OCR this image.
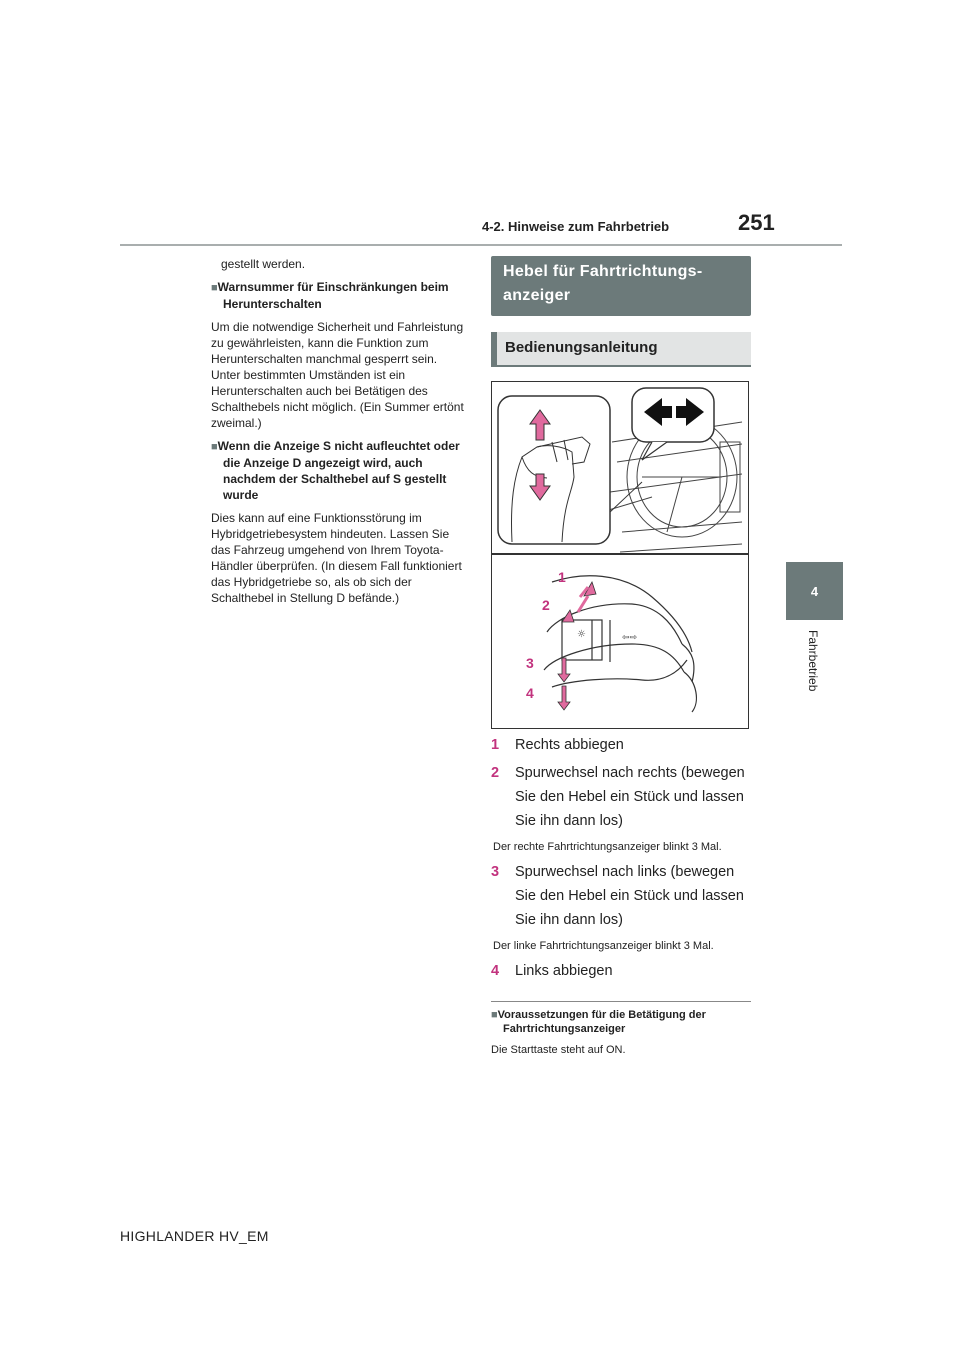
4-2. Hinweise zum Fahrbetrieb	251
4
Fahrbetrieb

gestellt werden.

■Warnsummer für Einschränkungen beim Herunterschalten

Um die notwendige Sicherheit und Fahrleistung zu gewährleisten, kann die Funktion zum Herunterschalten manchmal gesperrt sein. Unter bestimmten Umständen ist ein Herunterschalten auch bei Betätigen des Schalthebels nicht möglich. (Ein Summer ertönt zweimal.)

■Wenn die Anzeige S nicht aufleuchtet oder die Anzeige D angezeigt wird, auch nachdem der Schalthebel auf S gestellt wurde

Dies kann auf eine Funktionsstörung im Hybridgetriebesystem hindeuten. Lassen Sie das Fahrzeug umgehend von Ihrem Toyota-Händler überprüfen. (In diesem Fall funktioniert das Hybridgetriebe so, als ob sich der Schalthebel in Stellung D befände.)

Hebel für Fahrtrichtungs-anzeiger
Bedienungsanleitung
☼	⇦⇨
1
2
3
4
1	Rechts abbiegen
2	Spurwechsel nach rechts (bewegen Sie den Hebel ein Stück und lassen Sie ihn dann los)
Der rechte Fahrtrichtungsanzeiger blinkt 3 Mal.
3	Spurwechsel nach links (bewegen Sie den Hebel ein Stück und lassen Sie ihn dann los)
Der linke Fahrtrichtungsanzeiger blinkt 3 Mal.
4	Links abbiegen
■Voraussetzungen für die Betätigung der Fahrtrichtungsanzeiger
Die Starttaste steht auf ON.
HIGHLANDER HV_EM
